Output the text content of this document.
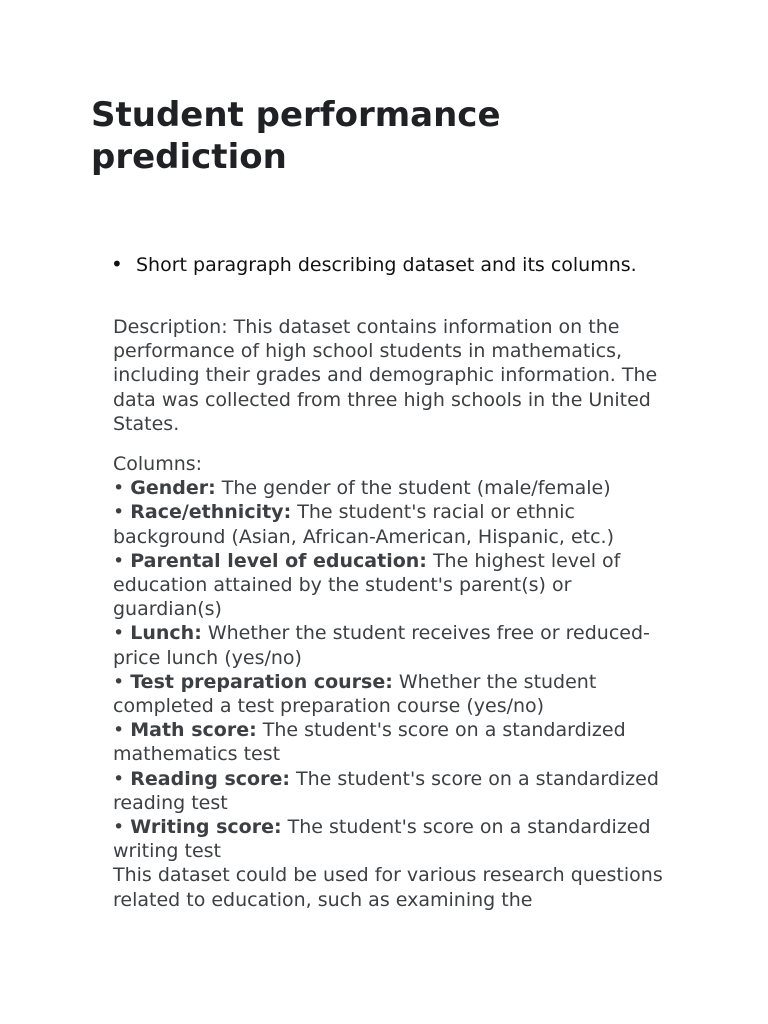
Student performance prediction
• Short paragraph describing dataset and its columns.
Description: This dataset contains information on the performance of high school students in mathematics, including their grades and demographic information. The data was collected from three high schools in the United States.

Columns:

• Gender: The gender of the student (male/female)

• Race/ethnicity: The student's racial or ethnic background (Asian, African-American, Hispanic, etc.)

• Parental level of education: The highest level of education attained by the student's parent(s) or guardian(s)

• Lunch: Whether the student receives free or reduced-price lunch (yes/no)

• Test preparation course: Whether the student completed a test preparation course (yes/no)

• Math score: The student's score on a standardized mathematics test

• Reading score: The student's score on a standardized reading test

• Writing score: The student's score on a standardized writing test

This dataset could be used for various research questions related to education, such as examining the
